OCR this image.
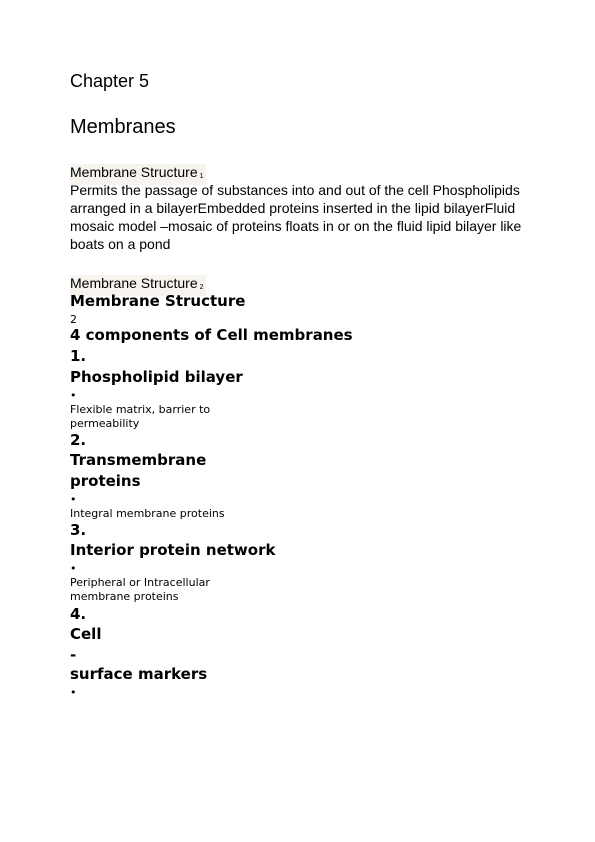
Chapter 5
Membranes
Membrane Structure $_1$
Permits the passage of substances into and out of the cell Phospholipids arranged in a bilayerEmbedded proteins inserted in the lipid bilayerFluid mosaic model –mosaic of proteins floats in or on the fluid lipid bilayer like boats on a pond
Membrane Structure $_2$
Membrane Structure
2
4 components of Cell membranes
1.
Phospholipid bilayer
•
Flexible matrix, barrier to
permeability
2.
Transmembrane
proteins
•
Integral membrane proteins
3.
Interior protein network
•
Peripheral or Intracellular
membrane proteins
4.
Cell
-
surface markers
•
